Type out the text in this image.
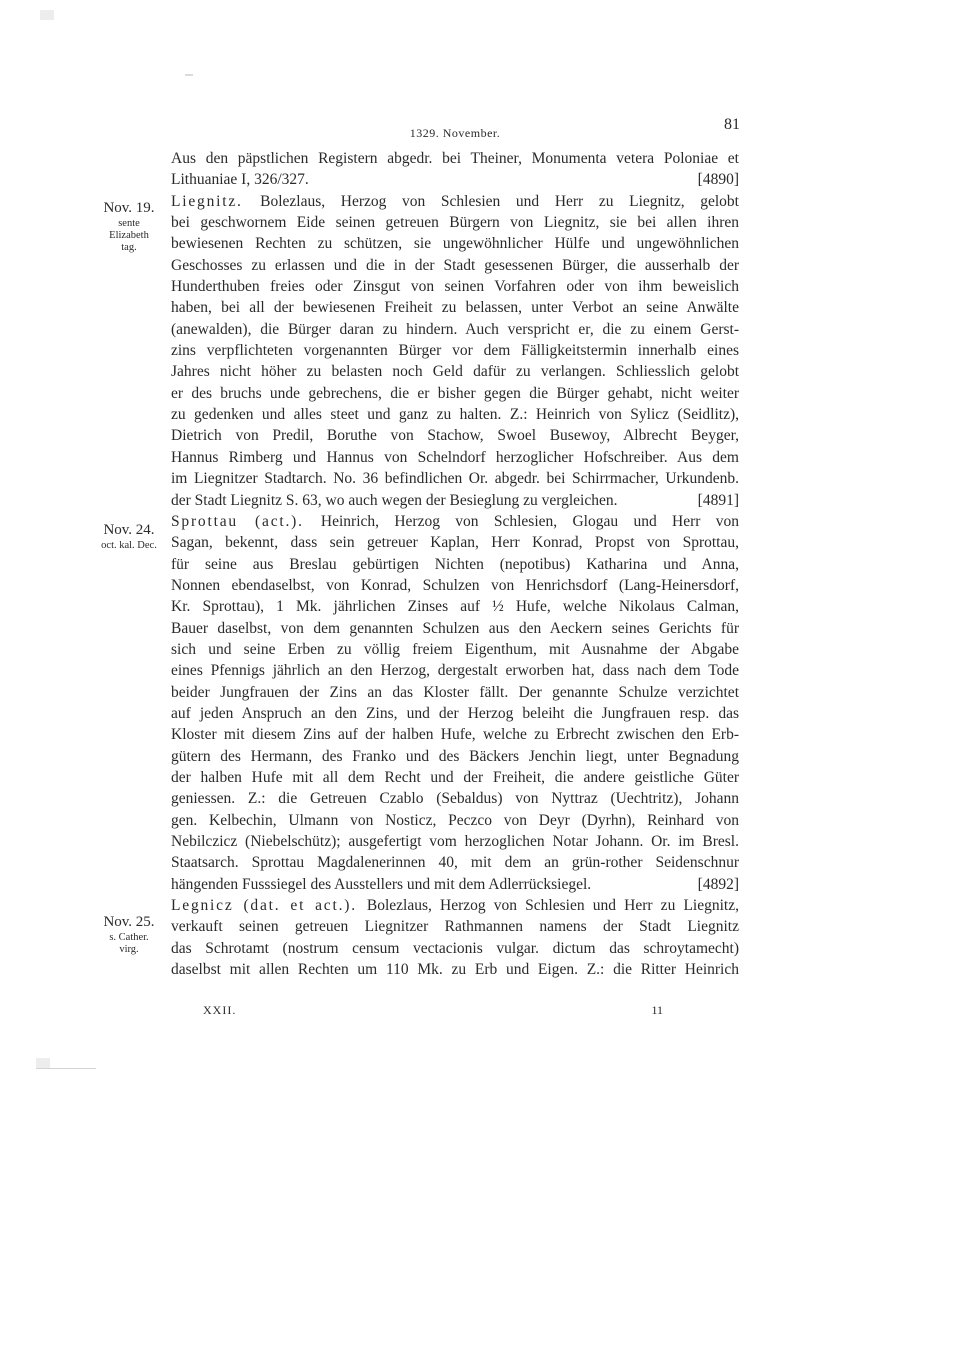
1329. November.	81
Nov. 19.
sente
Elizabeth
tag.
Nov. 24.
oct. kal. Dec.
Nov. 25.
s. Cather.
virg.
Aus den päpstlichen Registern abgedr. bei Theiner, Monumenta vetera Poloniae et
Lithuaniae I, 326/327.	[4890]
Liegnitz. Bolezlaus, Herzog von Schlesien und Herr zu Liegnitz, gelobt
bei geschwornem Eide seinen getreuen Bürgern von Liegnitz, sie bei allen ihren
bewiesenen Rechten zu schützen, sie ungewöhnlicher Hülfe und ungewöhnlichen
Geschosses zu erlassen und die in der Stadt gesessenen Bürger, die ausserhalb der
Hunderthuben freies oder Zinsgut von seinen Vorfahren oder von ihm beweislich
haben, bei all der bewiesenen Freiheit zu belassen, unter Verbot an seine Anwälte
(anewalden), die Bürger daran zu hindern. Auch verspricht er, die zu einem Gerst-
zins verpflichteten vorgenannten Bürger vor dem Fälligkeitstermin innerhalb eines
Jahres nicht höher zu belasten noch Geld dafür zu verlangen. Schliesslich gelobt
er des bruchs unde gebrechens, die er bisher gegen die Bürger gehabt, nicht weiter
zu gedenken und alles steet und ganz zu halten. Z.: Heinrich von Sylicz (Seidlitz),
Dietrich von Predil, Boruthe von Stachow, Swoel Busewoy, Albrecht Beyger,
Hannus Rimberg und Hannus von Schelndorf herzoglicher Hofschreiber. Aus dem
im Liegnitzer Stadtarch. No. 36 befindlichen Or. abgedr. bei Schirrmacher, Urkundenb.
der Stadt Liegnitz S. 63, wo auch wegen der Besieglung zu vergleichen.	[4891]
Sprottau (act.). Heinrich, Herzog von Schlesien, Glogau und Herr von
Sagan, bekennt, dass sein getreuer Kaplan, Herr Konrad, Propst von Sprottau,
für seine aus Breslau gebürtigen Nichten (nepotibus) Katharina und Anna,
Nonnen ebendaselbst, von Konrad, Schulzen von Henrichsdorf (Lang-Heinersdorf,
Kr. Sprottau), 1 Mk. jährlichen Zinses auf ½ Hufe, welche Nikolaus Calman,
Bauer daselbst, von dem genannten Schulzen aus den Aeckern seines Gerichts für
sich und seine Erben zu völlig freiem Eigenthum, mit Ausnahme der Abgabe
eines Pfennigs jährlich an den Herzog, dergestalt erworben hat, dass nach dem Tode
beider Jungfrauen der Zins an das Kloster fällt. Der genannte Schulze verzichtet
auf jeden Anspruch an den Zins, und der Herzog beleiht die Jungfrauen resp. das
Kloster mit diesem Zins auf der halben Hufe, welche zu Erbrecht zwischen den Erb-
gütern des Hermann, des Franko und des Bäckers Jenchin liegt, unter Begnadung
der halben Hufe mit all dem Recht und der Freiheit, die andere geistliche Güter
geniessen. Z.: die Getreuen Czablo (Sebaldus) von Nyttraz (Uechtritz), Johann
gen. Kelbechin, Ulmann von Nosticz, Peczco von Deyr (Dyrhn), Reinhard von
Nebilczicz (Niebelschütz); ausgefertigt vom herzoglichen Notar Johann. Or. im Bresl.
Staatsarch. Sprottau Magdalenerinnen 40, mit dem an grün-rother Seidenschnur
hängenden Fusssiegel des Ausstellers und mit dem Adlerrücksiegel.	[4892]
Legnicz (dat. et act.). Bolezlaus, Herzog von Schlesien und Herr zu Liegnitz,
verkauft seinen getreuen Liegnitzer Rathmannen namens der Stadt Liegnitz
das Schrotamt (nostrum censum vectacionis vulgar. dictum das schroytamecht)
daselbst mit allen Rechten um 110 Mk. zu Erb und Eigen. Z.: die Ritter Heinrich
XXII.	11
